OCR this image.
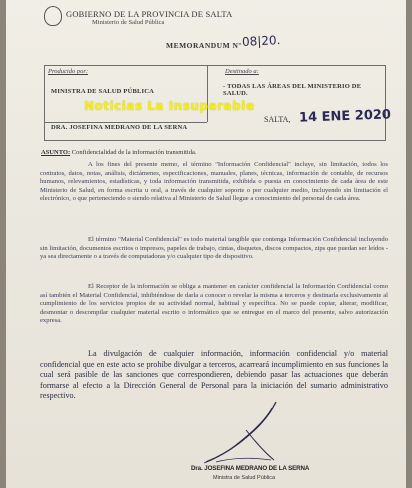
GOBIERNO DE LA PROVINCIA DE SALTA
Ministerio de Salud Pública
MEMORANDUM Nº 08|20.
Producido por:
MINISTRA DE SALUD PÚBLICA
Destinado a:
- TODAS LAS ÁREAS DEL MINISTERIO DE SALUD.
DRA. JOSEFINA MEDRANO DE LA SERNA
Noticias La Insuperable
SALTA, 14 ENE 2020
ASUNTO: Confidencialidad de la información transmitida.
A los fines del presente memo, el término "Información Confidencial" incluye, sin limitación, todos los contratos, datos, notas, análisis, dictámenes, especificaciones, manuales, planes, técnicas, información de contable, de recursos humanos, relevamientos, estadísticas, y toda información transmitida, exhibida o puesta en conocimiento de cada área de este Ministerio de Salud, en forma escrita u oral, a través de cualquier soporte o por cualquier medio, incluyendo sin limitación el electrónico, o que perteneciendo o siendo relativa al Ministerio de Salud llegue a conocimiento del personal de cada área.
El término "Material Confidencial" es todo material tangible que contenga Información Confidencial incluyendo sin limitación, documentos escritos o impresos, papeles de trabajo, cintas, disquetes, discos compactos, zips que puedan ser leídos -ya sea directamente o a través de computadoras y/o cualquier tipo de dispositivo.
El Receptor de la información se obliga a mantener en carácter confidencial la Información Confidencial como así también el Material Confidencial, inhibiéndose de darla a conocer o revelar la misma a terceros y destinarla exclusivamente al cumplimiento de los servicios propios de su actividad normal, habitual y específica. No se puede copiar, alterar, modificar, desmontar o descompilar cualquier material escrito o informático que se entregue en el marco del presente, salvo autorización expresa.
La divulgación de cualquier información, información confidencial y/o material confidencial que en este acto se prohíbe divulgar a terceros, acarreará incumplimiento en sus funciones la cual será pasible de las sanciones que correspondieren, debiendo pasar las actuaciones que deberán formarse al efecto a la Dirección General de Personal para la iniciación del sumario administrativo respectivo.
Dra. JOSEFINA MEDRANO DE LA SERNA
Ministra de Salud Pública
